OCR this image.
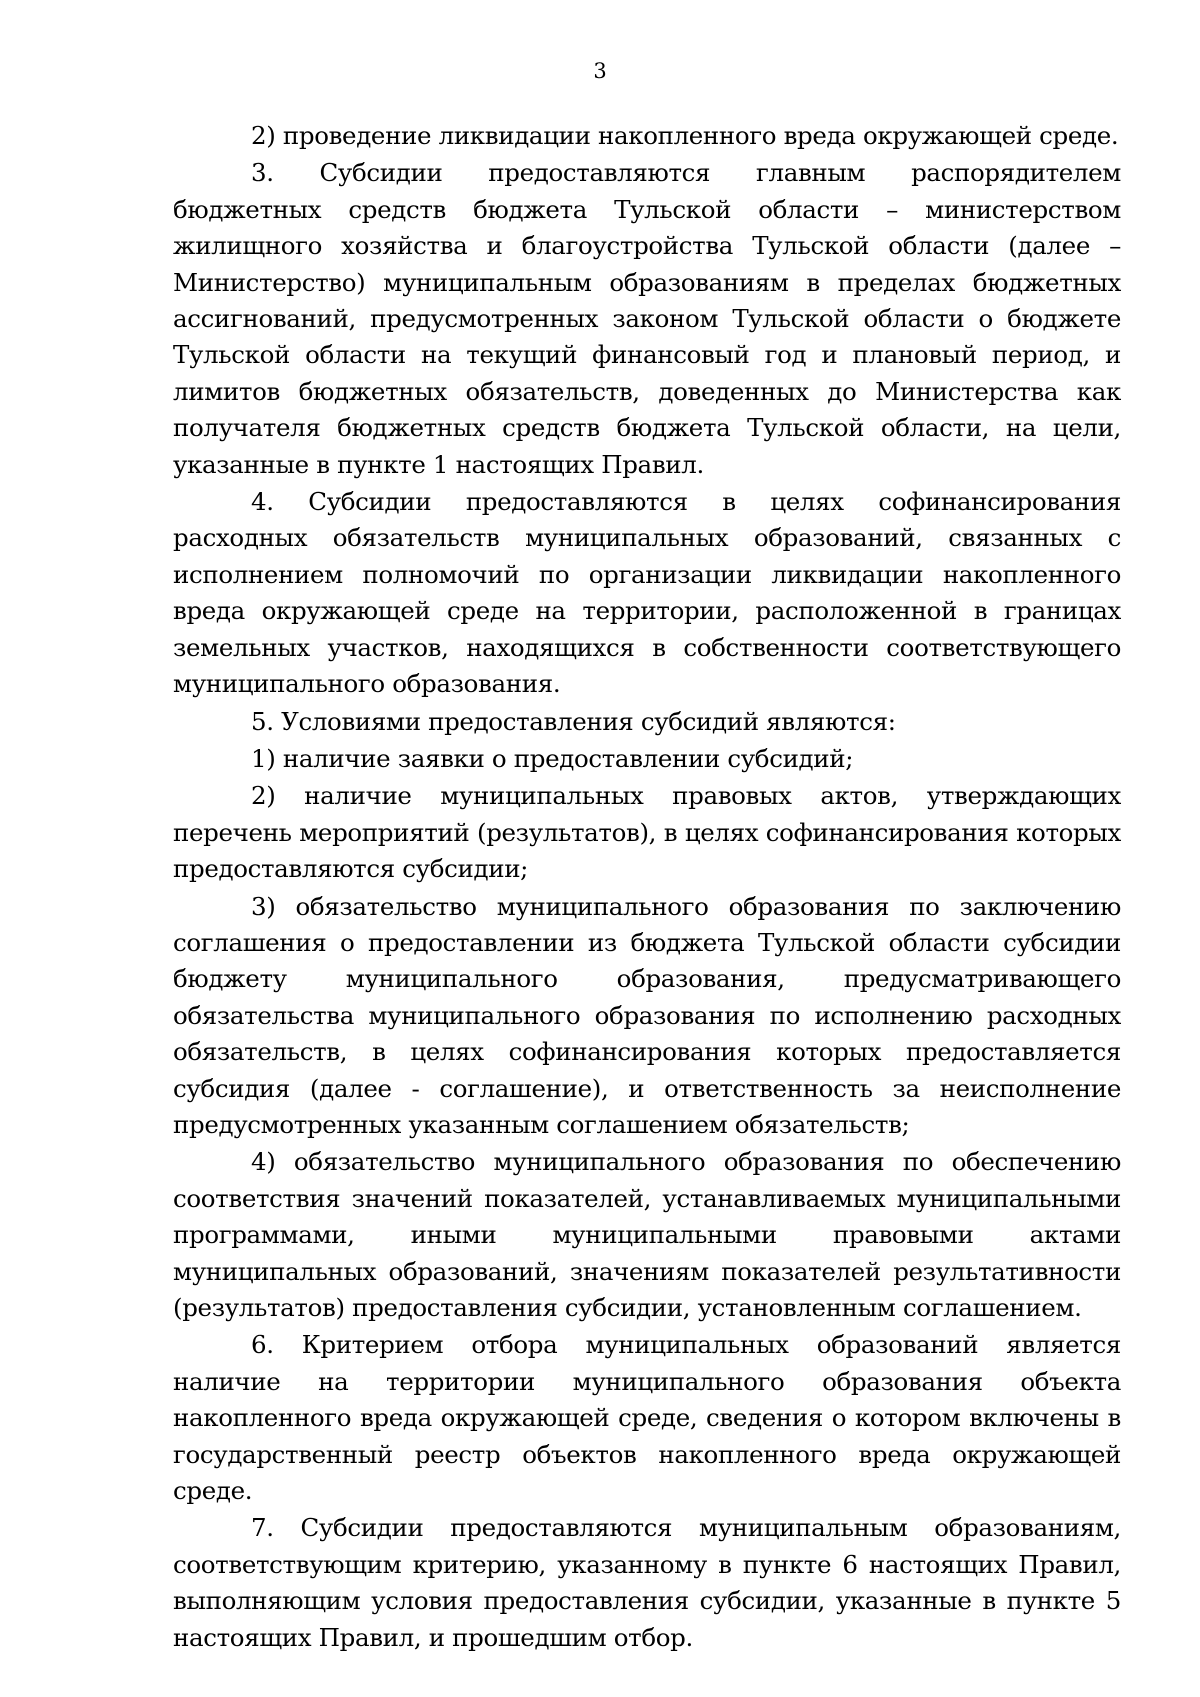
3

2) проведение ликвидации накопленного вреда окружающей среде.

3. Субсидии предоставляются главным распорядителем бюджетных средств бюджета Тульской области – министерством жилищного хозяйства и благоустройства Тульской области (далее – Министерство) муниципальным образованиям в пределах бюджетных ассигнований, предусмотренных законом Тульской области о бюджете Тульской области на текущий финансовый год и плановый период, и лимитов бюджетных обязательств, доведенных до Министерства как получателя бюджетных средств бюджета Тульской области, на цели, указанные в пункте 1 настоящих Правил.

4. Субсидии предоставляются в целях софинансирования расходных обязательств муниципальных образований, связанных с исполнением полномочий по организации ликвидации накопленного вреда окружающей среде на территории, расположенной в границах земельных участков, находящихся в собственности соответствующего муниципального образования.

5. Условиями предоставления субсидий являются:

1) наличие заявки о предоставлении субсидий;

2) наличие муниципальных правовых актов, утверждающих перечень мероприятий (результатов), в целях софинансирования которых предоставляются субсидии;

3) обязательство муниципального образования по заключению соглашения о предоставлении из бюджета Тульской области субсидии бюджету муниципального образования, предусматривающего обязательства муниципального образования по исполнению расходных обязательств, в целях софинансирования которых предоставляется субсидия (далее - соглашение), и ответственность за неисполнение предусмотренных указанным соглашением обязательств;

4) обязательство муниципального образования по обеспечению соответствия значений показателей, устанавливаемых муниципальными программами, иными муниципальными правовыми актами муниципальных образований, значениям показателей результативности (результатов) предоставления субсидии, установленным соглашением.

6. Критерием отбора муниципальных образований является наличие на территории муниципального образования объекта накопленного вреда окружающей среде, сведения о котором включены в государственный реестр объектов накопленного вреда окружающей среде.

7. Субсидии предоставляются муниципальным образованиям, соответствующим критерию, указанному в пункте 6 настоящих Правил, выполняющим условия предоставления субсидии, указанные в пункте 5 настоящих Правил, и прошедшим отбор.
